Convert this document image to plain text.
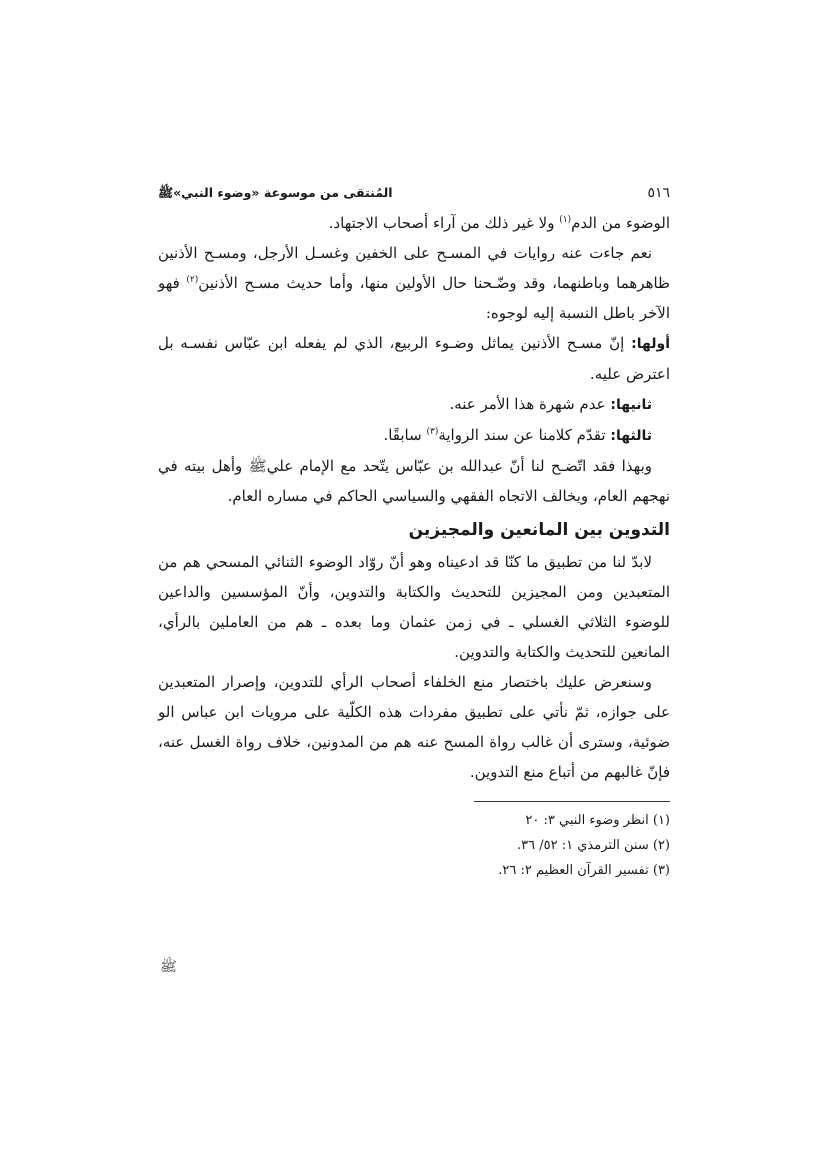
٥١٦
المُنتقى من موسوعة «وضوء النبي»ﷺ

الوضوء من الدم$^{(١)}$ ولا غير ذلك من آراء أصحاب الاجتهاد.

نعم جاءت عنه روايات في المسـح على الخفين وغسـل الأرجل، ومسـح الأذنين ظاهرهما وباطنهما، وقد وضّـحنا حال الأولين منها، وأما حديث مسـح الأذنين$^{(٢)}$ فهو الآخر باطل النسبة إليه لوجوه:

أولها: إنّ مسـح الأذنين يماثل وضـوء الربيع، الذي لم يفعله ابن عبّاس نفسـه بل اعترض عليه.

ثانيها: عدم شهرة هذا الأمر عنه.

ثالثها: تقدّم كلامنا عن سند الرواية$^{(٣)}$ سابقًا.

وبهذا فقد اتّضـح لنا أنّ عبدالله بن عبّاس يتّحد مع الإمام عليﷺ وأهل بيته في نهجهم العام، ويخالف الاتجاه الفقهي والسياسي الحاكم في مساره العام.

التدوين بين المانعين والمجيزين

لابدّ لنا من تطبيق ما كنّا قد ادعيناه وهو أنّ روّاد الوضوء الثنائي المسحي هم من المتعبدين ومن المجيزين للتحديث والكتابة والتدوين، وأنّ المؤسسين والداعين للوضوء الثلاثي الغسلي ـ في زمن عثمان وما بعده ـ هم من العاملين بالرأي، المانعين للتحديث والكتابة والتدوين.

وسنعرض عليك باختصار منع الخلفاء أصحاب الرأي للتدوين، وإصرار المتعبدين على جوازه، ثمّ نأتي على تطبيق مفردات هذه الكلّية على مرويات ابن عباس الو ضوئية، وسترى أن غالب رواة المسح عنه هم من المدونين، خلاف رواة الغسل عنه، فإنّ غالبهم من أتباع منع التدوين.

(١) انظر وضوء النبي ٣: ٢٠

(٢) سنن الترمذي ١: ٥٢/ ٣٦.

(٣) تفسير القرآن العظيم ٢: ٢٦.

ﷺ
